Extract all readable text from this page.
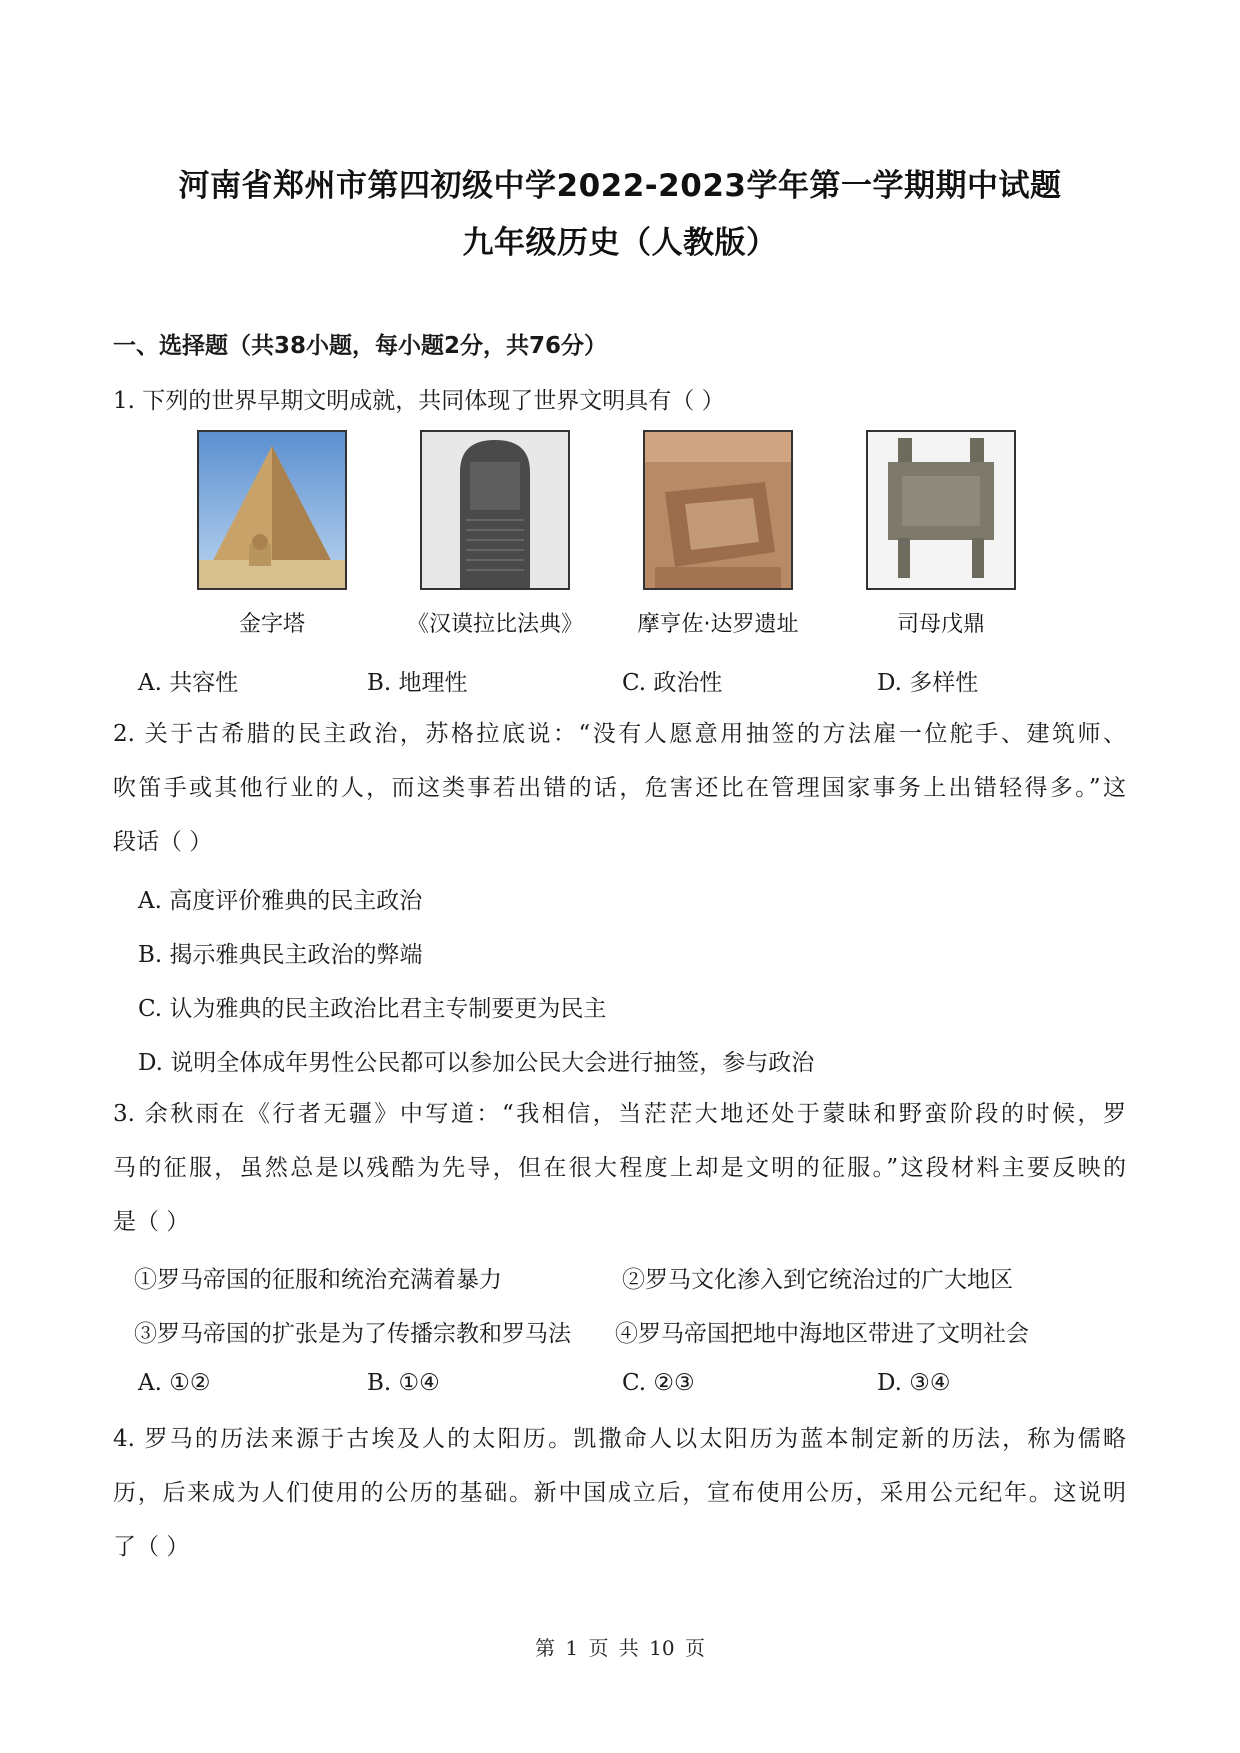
河南省郑州市第四初级中学2022-2023学年第一学期期中试题
九年级历史（人教版）
一、选择题（共38小题，每小题2分，共76分）
1. 下列的世界早期文明成就，共同体现了世界文明具有（ ）
金字塔	《汉谟拉比法典》	摩亨佐·达罗遗址	司母戊鼎
A. 共容性	B. 地理性	C. 政治性	D. 多样性
2. 关于古希腊的民主政治，苏格拉底说：“没有人愿意用抽签的方法雇一位舵手、建筑师、
吹笛手或其他行业的人，而这类事若出错的话，危害还比在管理国家事务上出错轻得多。”这
段话（ ）
A. 高度评价雅典的民主政治
B. 揭示雅典民主政治的弊端
C. 认为雅典的民主政治比君主专制要更为民主
D. 说明全体成年男性公民都可以参加公民大会进行抽签，参与政治
3. 余秋雨在《行者无疆》中写道：“我相信，当茫茫大地还处于蒙昧和野蛮阶段的时候，罗
马的征服，虽然总是以残酷为先导，但在很大程度上却是文明的征服。”这段材料主要反映的
是（ ）
①罗马帝国的征服和统治充满着暴力	②罗马文化渗入到它统治过的广大地区
③罗马帝国的扩张是为了传播宗教和罗马法 ④罗马帝国把地中海地区带进了文明社会
A. ①②	B. ①④	C. ②③	D. ③④
4. 罗马的历法来源于古埃及人的太阳历。凯撒命人以太阳历为蓝本制定新的历法，称为儒略
历，后来成为人们使用的公历的基础。新中国成立后，宣布使用公历，采用公元纪年。这说明
了（ ）
第 1 页 共 10 页
